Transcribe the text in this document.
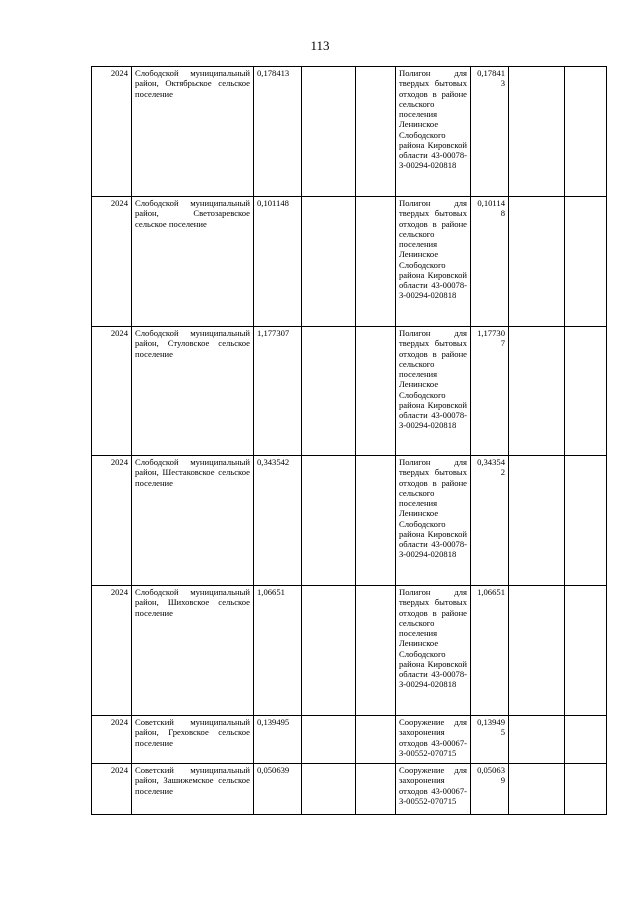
113
2024	Слободской муниципальный район, Октябрьское сельское поселение	0,178413			Полигон для твердых бытовых отходов в районе сельского поселения Ленинское Слободского района Кировской области 43-00078-З-00294-020818	0,178413		
2024	Слободской муниципальный район, Светозаревское сельское поселение	0,101148			Полигон для твердых бытовых отходов в районе сельского поселения Ленинское Слободского района Кировской области 43-00078-З-00294-020818	0,101148		
2024	Слободской муниципальный район, Стуловское сельское поселение	1,177307			Полигон для твердых бытовых отходов в районе сельского поселения Ленинское Слободского района Кировской области 43-00078-З-00294-020818	1,177307		
2024	Слободской муниципальный район, Шестаковское сельское поселение	0,343542			Полигон для твердых бытовых отходов в районе сельского поселения Ленинское Слободского района Кировской области 43-00078-З-00294-020818	0,343542		
2024	Слободской муниципальный район, Шиховское сельское поселение	1,06651			Полигон для твердых бытовых отходов в районе сельского поселения Ленинское Слободского района Кировской области 43-00078-З-00294-020818	1,06651		
2024	Советский муниципальный район, Греховское сельское поселение	0,139495			Сооружение для захоронения отходов 43-00067-З-00552-070715	0,139495		
2024	Советский муниципальный район, Зашижемское сельское поселение	0,050639			Сооружение для захоронения отходов 43-00067-З-00552-070715	0,050639		
